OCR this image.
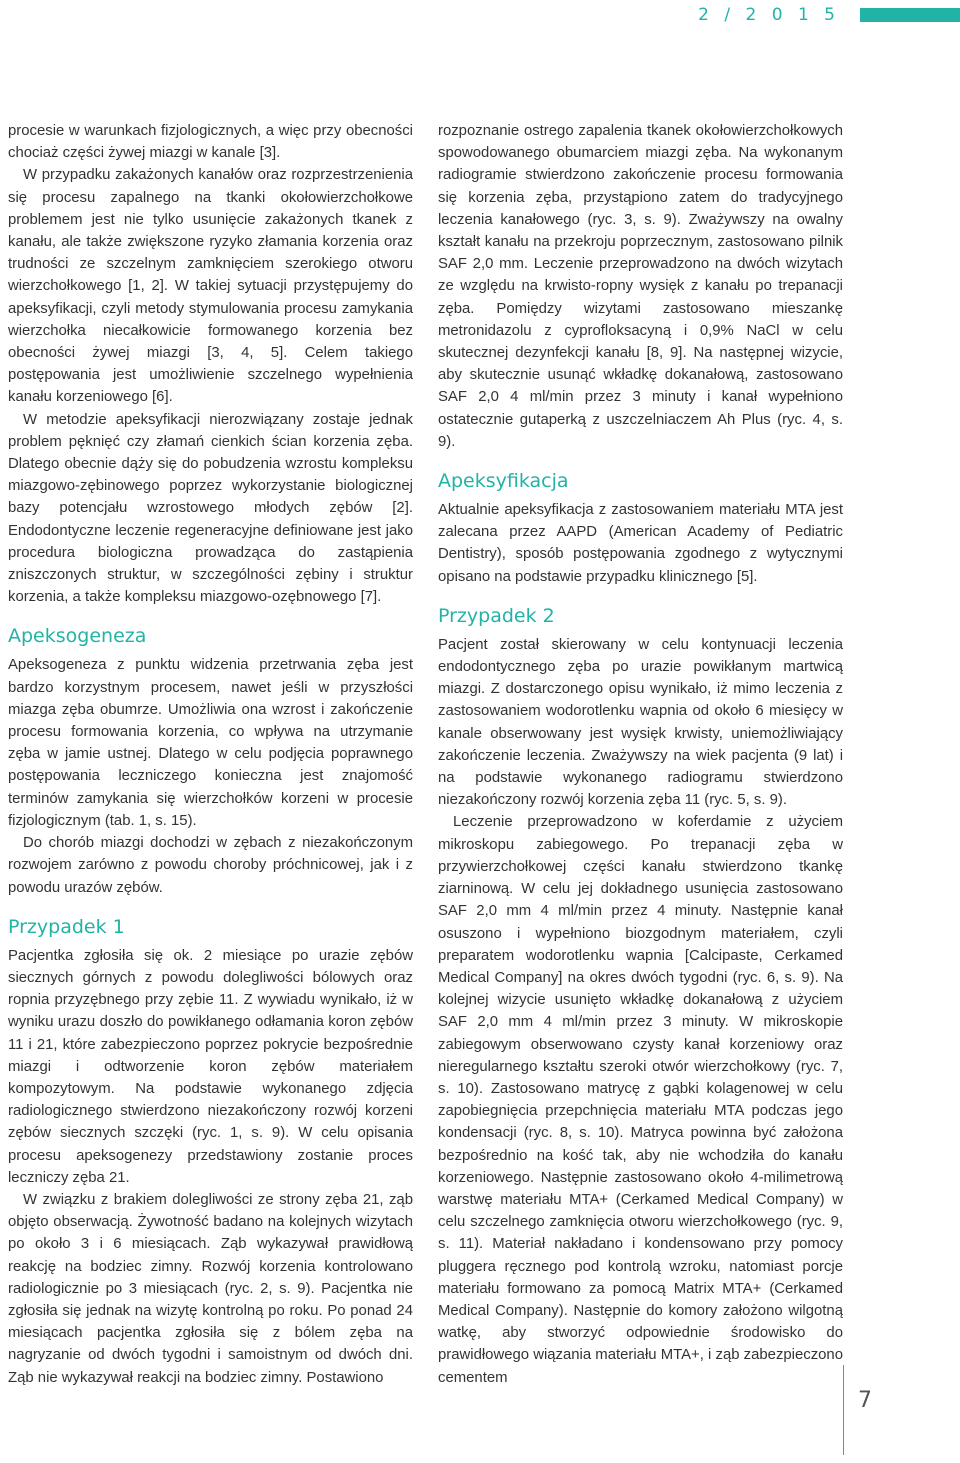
2 / 2 0 1 5

procesie w warunkach fizjologicznych, a więc przy obecności chociaż części żywej miazgi w kanale [3].

W przypadku zakażonych kanałów oraz rozprzestrzenienia się procesu zapalnego na tkanki okołowierzchołkowe problemem jest nie tylko usunięcie zakażonych tkanek z kanału, ale także zwiększone ryzyko złamania korzenia oraz trudności ze szczelnym zamknięciem szerokiego otworu wierzchołkowego [1, 2]. W takiej sytuacji przystępujemy do apeksyfikacji, czyli metody stymulowania procesu zamykania wierzchołka niecałkowicie formowanego korzenia bez obecności żywej miazgi [3, 4, 5]. Celem takiego postępowania jest umożliwienie szczelnego wypełnienia kanału korzeniowego [6].

W metodzie apeksyfikacji nierozwiązany zostaje jednak problem pęknięć czy złamań cienkich ścian korzenia zęba. Dlatego obecnie dąży się do pobudzenia wzrostu kompleksu miazgowo-zębinowego poprzez wykorzystanie biologicznej bazy potencjału wzrostowego młodych zębów [2]. Endodontyczne leczenie regeneracyjne definiowane jest jako procedura biologiczna prowadząca do zastąpienia zniszczonych struktur, w szczególności zębiny i struktur korzenia, a także kompleksu miazgowo-ozębnowego [7].

Apeksogeneza

Apeksogeneza z punktu widzenia przetrwania zęba jest bardzo korzystnym procesem, nawet jeśli w przyszłości miazga zęba obumrze. Umożliwia ona wzrost i zakończenie procesu formowania korzenia, co wpływa na utrzymanie zęba w jamie ustnej. Dlatego w celu podjęcia poprawnego postępowania leczniczego konieczna jest znajomość terminów zamykania się wierzchołków korzeni w procesie fizjologicznym (tab. 1, s. 15).

Do chorób miazgi dochodzi w zębach z niezakończonym rozwojem zarówno z powodu choroby próchnicowej, jak i z powodu urazów zębów.

Przypadek 1

Pacjentka zgłosiła się ok. 2 miesiące po urazie zębów siecznych górnych z powodu dolegliwości bólowych oraz ropnia przyzębnego przy zębie 11. Z wywiadu wynikało, iż w wyniku urazu doszło do powikłanego odłamania koron zębów 11 i 21, które zabezpieczono poprzez pokrycie bezpośrednie miazgi i odtworzenie koron zębów materiałem kompozytowym. Na podstawie wykonanego zdjęcia radiologicznego stwierdzono niezakończony rozwój korzeni zębów siecznych szczęki (ryc. 1, s. 9). W celu opisania procesu apeksogenezy przedstawiony zostanie proces leczniczy zęba 21.

W związku z brakiem dolegliwości ze strony zęba 21, ząb objęto obserwacją. Żywotność badano na kolejnych wizytach po około 3 i 6 miesiącach. Ząb wykazywał prawidłową reakcję na bodziec zimny. Rozwój korzenia kontrolowano radiologicznie po 3 miesiącach (ryc. 2, s. 9). Pacjentka nie zgłosiła się jednak na wizytę kontrolną po roku. Po ponad 24 miesiącach pacjentka zgłosiła się z bólem zęba na nagryzanie od dwóch tygodni i samoistnym od dwóch dni. Ząb nie wykazywał reakcji na bodziec zimny. Postawiono

rozpoznanie ostrego zapalenia tkanek okołowierzchołkowych spowodowanego obumarciem miazgi zęba. Na wykonanym radiogramie stwierdzono zakończenie procesu formowania się korzenia zęba, przystąpiono zatem do tradycyjnego leczenia kanałowego (ryc. 3, s. 9). Zważywszy na owalny kształt kanału na przekroju poprzecznym, zastosowano pilnik SAF 2,0 mm. Leczenie przeprowadzono na dwóch wizytach ze względu na krwisto-ropny wysięk z kanału po trepanacji zęba. Pomiędzy wizytami zastosowano mieszankę metronidazolu z cyprofloksacyną i 0,9% NaCl w celu skutecznej dezynfekcji kanału [8, 9]. Na następnej wizycie, aby skutecznie usunąć wkładkę dokanałową, zastosowano SAF 2,0 4 ml/min przez 3 minuty i kanał wypełniono ostatecznie gutaperką z uszczelniaczem Ah Plus (ryc. 4, s. 9).

Apeksyfikacja

Aktualnie apeksyfikacja z zastosowaniem materiału MTA jest zalecana przez AAPD (American Academy of Pediatric Dentistry), sposób postępowania zgodnego z wytycznymi opisano na podstawie przypadku klinicznego [5].

Przypadek 2

Pacjent został skierowany w celu kontynuacji leczenia endodontycznego zęba po urazie powikłanym martwicą miazgi. Z dostarczonego opisu wynikało, iż mimo leczenia z zastosowaniem wodorotlenku wapnia od około 6 miesięcy w kanale obserwowany jest wysięk krwisty, uniemożliwiający zakończenie leczenia. Zważywszy na wiek pacjenta (9 lat) i na podstawie wykonanego radiogramu stwierdzono niezakończony rozwój korzenia zęba 11 (ryc. 5, s. 9).

Leczenie przeprowadzono w koferdamie z użyciem mikroskopu zabiegowego. Po trepanacji zęba w przywierzchołkowej części kanału stwierdzono tkankę ziarninową. W celu jej dokładnego usunięcia zastosowano SAF 2,0 mm 4 ml/min przez 4 minuty. Następnie kanał osuszono i wypełniono biozgodnym materiałem, czyli preparatem wodorotlenku wapnia [Calcipaste, Cerkamed Medical Company] na okres dwóch tygodni (ryc. 6, s. 9). Na kolejnej wizycie usunięto wkładkę dokanałową z użyciem SAF 2,0 mm 4 ml/min przez 3 minuty. W mikroskopie zabiegowym obserwowano czysty kanał korzeniowy oraz nieregularnego kształtu szeroki otwór wierzchołkowy (ryc. 7, s. 10). Zastosowano matrycę z gąbki kolagenowej w celu zapobiegnięcia przepchnięcia materiału MTA podczas jego kondensacji (ryc. 8, s. 10). Matryca powinna być założona bezpośrednio na kość tak, aby nie wchodziła do kanału korzeniowego. Następnie zastosowano około 4-milimetrową warstwę materiału MTA+ (Cerkamed Medical Company) w celu szczelnego zamknięcia otworu wierzchołkowego (ryc. 9, s. 11). Materiał nakładano i kondensowano przy pomocy pluggera ręcznego pod kontrolą wzroku, natomiast porcje materiału formowano za pomocą Matrix MTA+ (Cerkamed Medical Company). Następnie do komory założono wilgotną watkę, aby stworzyć odpowiednie środowisko do prawidłowego wiązania materiału MTA+, i ząb zabezpieczono cementem

7
